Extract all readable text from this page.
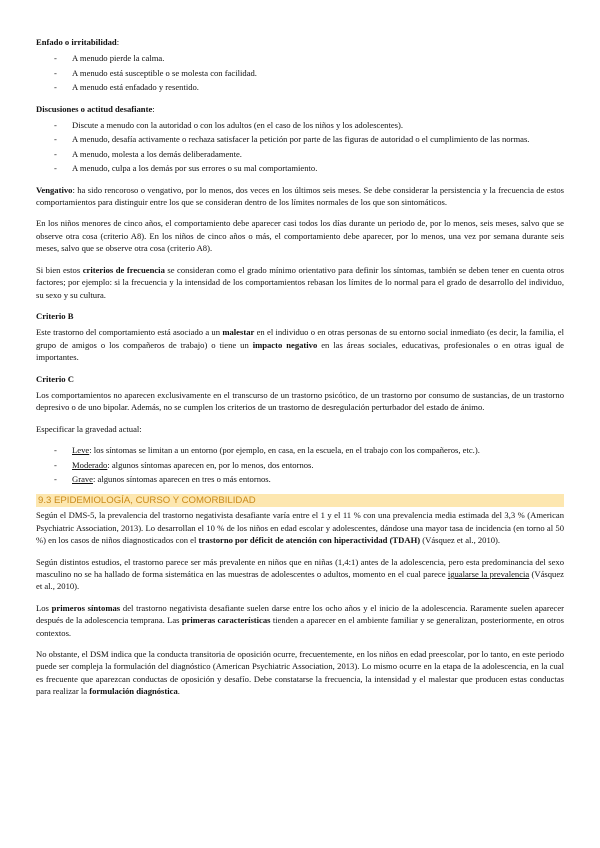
Enfado o irritabilidad:

- A menudo pierde la calma.
- A menudo está susceptible o se molesta con facilidad.
- A menudo está enfadado y resentido.

Discusiones o actitud desafiante:

- Discute a menudo con la autoridad o con los adultos (en el caso de los niños y los adolescentes).
- A menudo, desafía activamente o rechaza satisfacer la petición por parte de las figuras de autoridad o el cumplimiento de las normas.
- A menudo, molesta a los demás deliberadamente.
- A menudo, culpa a los demás por sus errores o su mal comportamiento.

Vengativo: ha sido rencoroso o vengativo, por lo menos, dos veces en los últimos seis meses. Se debe considerar la persistencia y la frecuencia de estos comportamientos para distinguir entre los que se consideran dentro de los límites normales de los que son sintomáticos.

En los niños menores de cinco años, el comportamiento debe aparecer casi todos los días durante un periodo de, por lo menos, seis meses, salvo que se observe otra cosa (criterio A8). En los niños de cinco años o más, el comportamiento debe aparecer, por lo menos, una vez por semana durante seis meses, salvo que se observe otra cosa (criterio A8).

Si bien estos criterios de frecuencia se consideran como el grado mínimo orientativo para definir los síntomas, también se deben tener en cuenta otros factores; por ejemplo: si la frecuencia y la intensidad de los comportamientos rebasan los límites de lo normal para el grado de desarrollo del individuo, su sexo y su cultura.

Criterio B

Este trastorno del comportamiento está asociado a un malestar en el individuo o en otras personas de su entorno social inmediato (es decir, la familia, el grupo de amigos o los compañeros de trabajo) o tiene un impacto negativo en las áreas sociales, educativas, profesionales o en otras igual de importantes.

Criterio C

Los comportamientos no aparecen exclusivamente en el transcurso de un trastorno psicótico, de un trastorno por consumo de sustancias, de un trastorno depresivo o de uno bipolar. Además, no se cumplen los criterios de un trastorno de desregulación perturbador del estado de ánimo.

Especificar la gravedad actual:

- Leve: los síntomas se limitan a un entorno (por ejemplo, en casa, en la escuela, en el trabajo con los compañeros, etc.).
- Moderado: algunos síntomas aparecen en, por lo menos, dos entornos.
- Grave: algunos síntomas aparecen en tres o más entornos.
9.3 EPIDEMIOLOGÍA, CURSO Y COMORBILIDAD

Según el DMS-5, la prevalencia del trastorno negativista desafiante varía entre el 1 y el 11 % con una prevalencia media estimada del 3,3 % (American Psychiatric Association, 2013). Lo desarrollan el 10 % de los niños en edad escolar y adolescentes, dándose una mayor tasa de incidencia (en torno al 50 %) en los casos de niños diagnosticados con el trastorno por déficit de atención con hiperactividad (TDAH) (Vásquez et al., 2010).

Según distintos estudios, el trastorno parece ser más prevalente en niños que en niñas (1,4:1) antes de la adolescencia, pero esta predominancia del sexo masculino no se ha hallado de forma sistemática en las muestras de adolescentes o adultos, momento en el cual parece igualarse la prevalencia (Vásquez et al., 2010).

Los primeros síntomas del trastorno negativista desafiante suelen darse entre los ocho años y el inicio de la adolescencia. Raramente suelen aparecer después de la adolescencia temprana. Las primeras características tienden a aparecer en el ambiente familiar y se generalizan, posteriormente, en otros contextos.

No obstante, el DSM indica que la conducta transitoria de oposición ocurre, frecuentemente, en los niños en edad preescolar, por lo tanto, en este periodo puede ser compleja la formulación del diagnóstico (American Psychiatric Association, 2013). Lo mismo ocurre en la etapa de la adolescencia, en la cual es frecuente que aparezcan conductas de oposición y desafío. Debe constatarse la frecuencia, la intensidad y el malestar que producen estas conductas para realizar la formulación diagnóstica.
